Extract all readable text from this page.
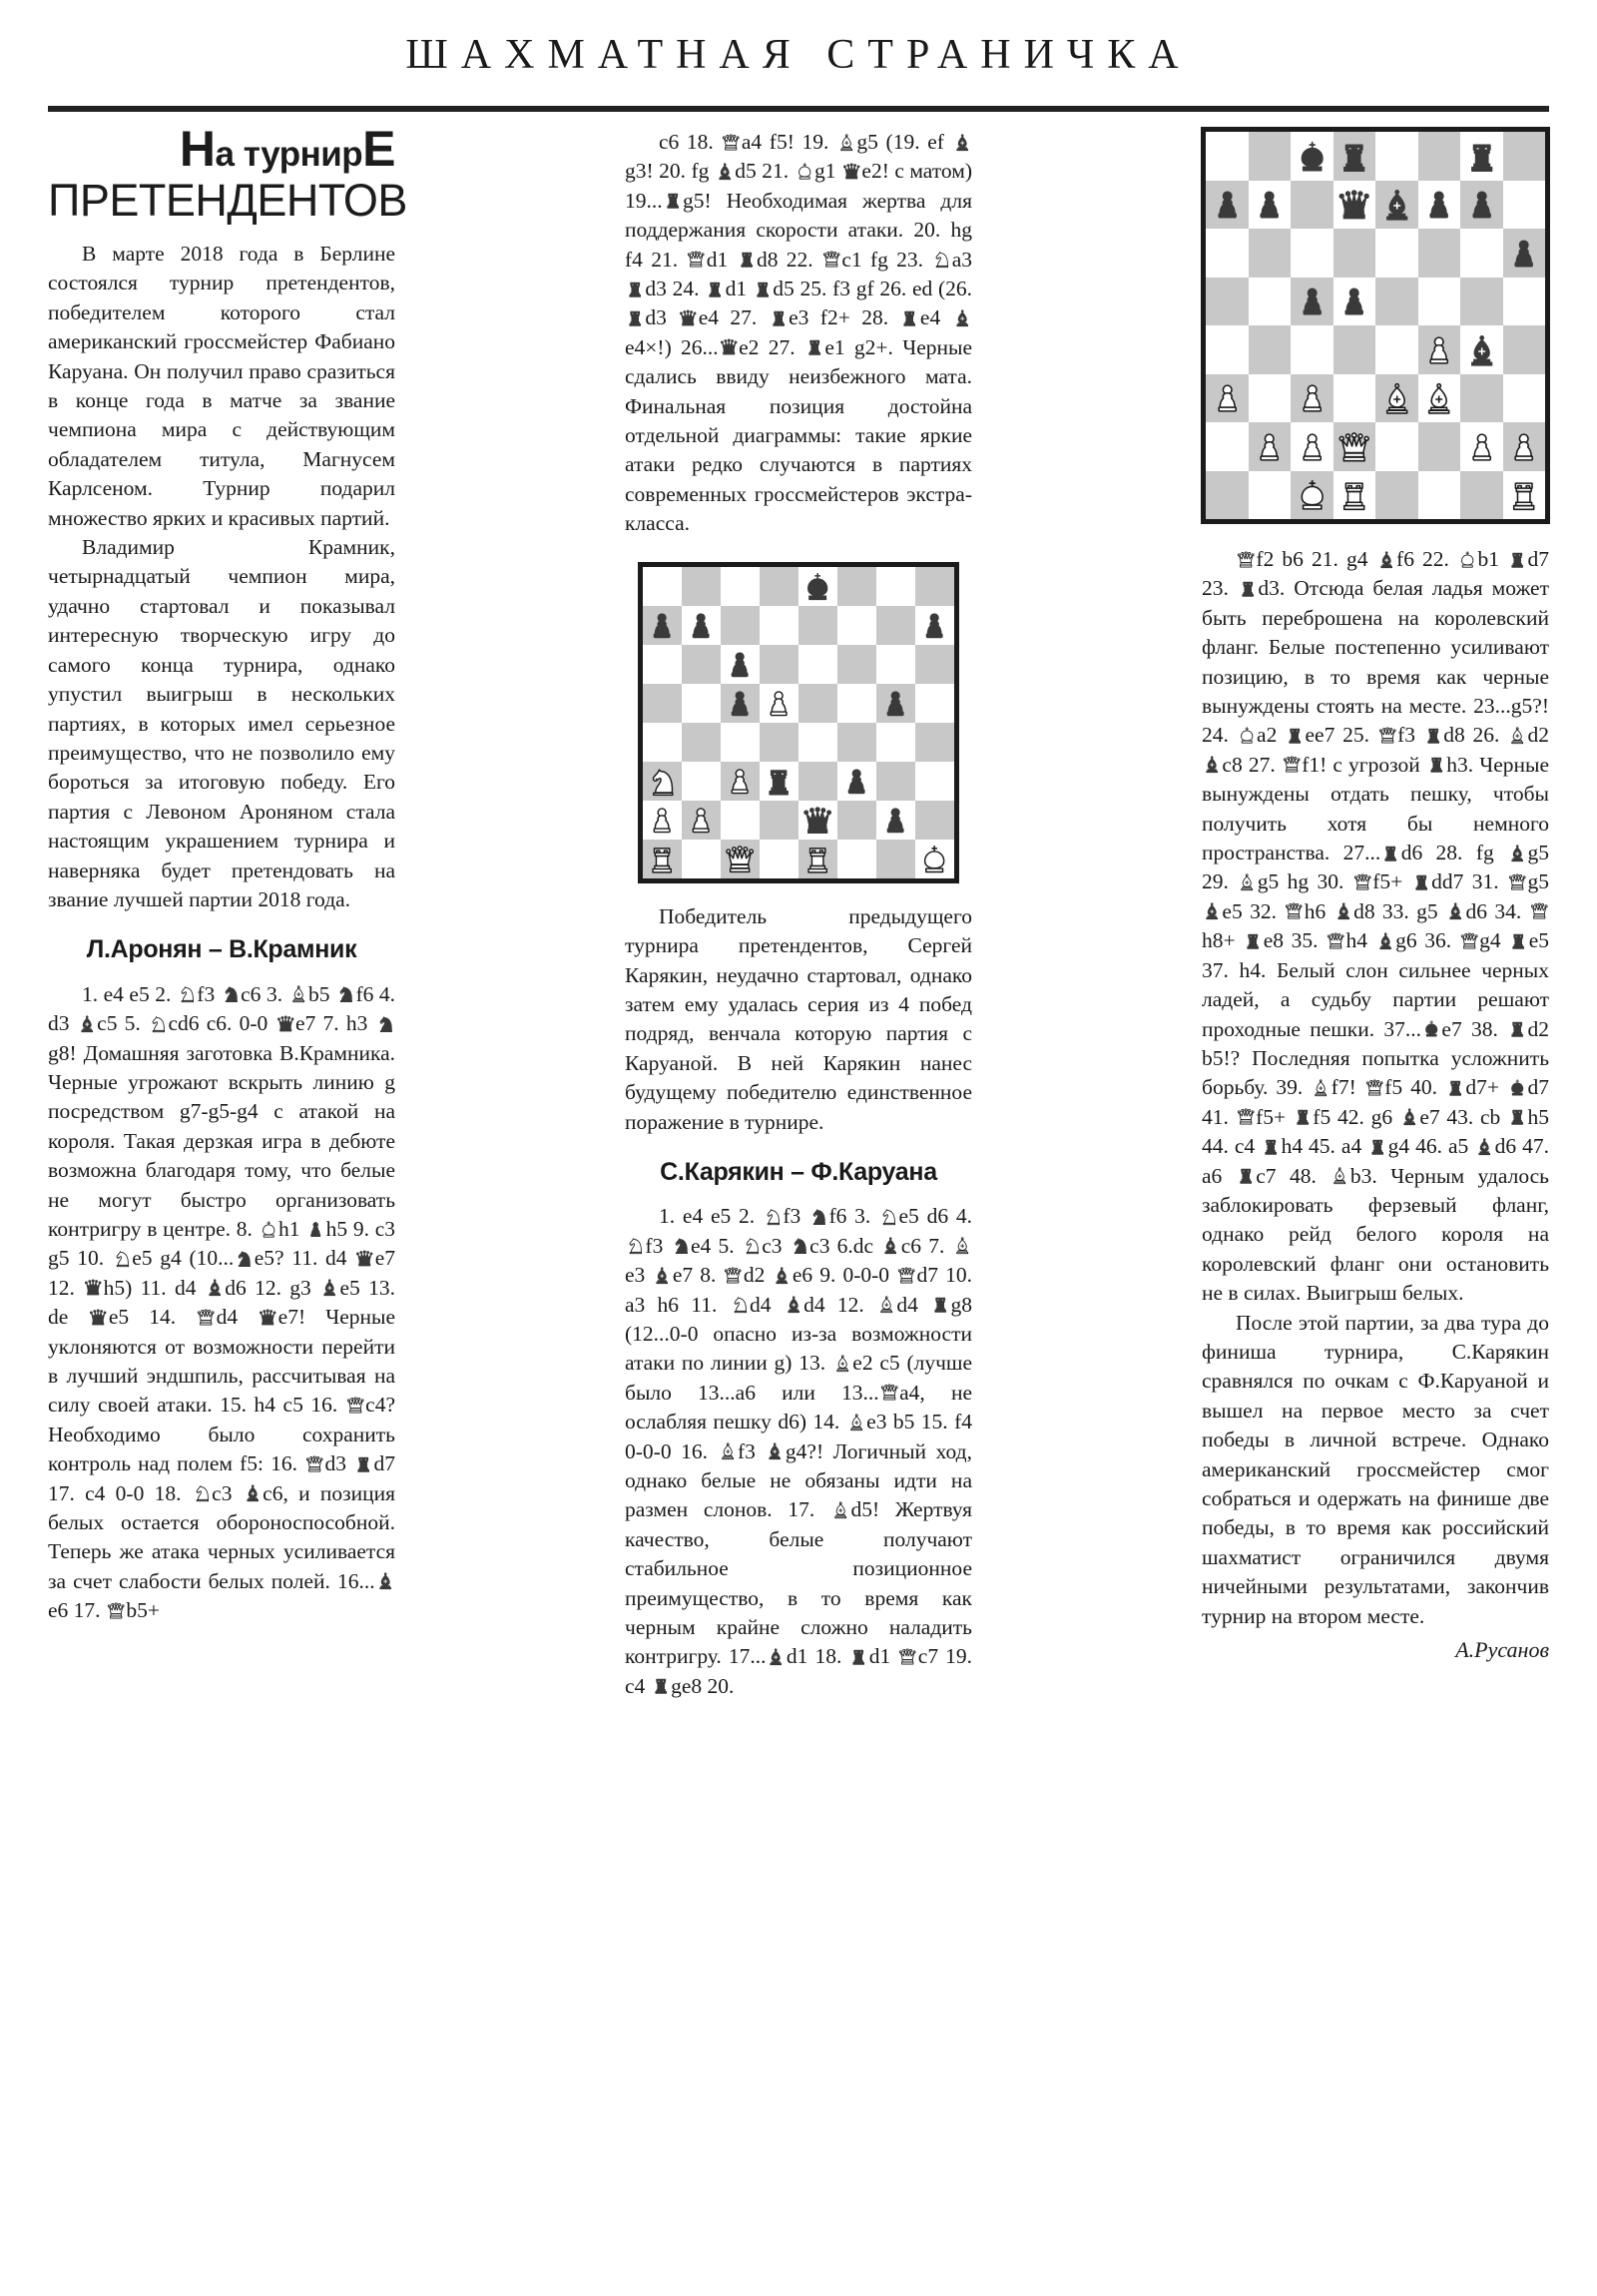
ШАХМАТНАЯ СТРАНИЧКА
На турнирЕ
ПРЕТЕНДЕНТОВ

В марте 2018 года в Берлине состоялся турнир претендентов, победителем которого стал американский гроссмейстер Фабиано Каруана. Он получил право сразиться в конце года в матче за звание чемпиона мира с действующим обладателем титула, Магнусем Карлсеном. Турнир подарил множество ярких и красивых партий.

Владимир Крамник, четырнадцатый чемпион мира, удачно стартовал и показывал интересную творческую игру до самого конца турнира, однако упустил выигрыш в нескольких партиях, в которых имел серьезное преимущество, что не позволило ему бороться за итоговую победу. Его партия с Левоном Ароняном стала настоящим украшением турнира и наверняка будет претендовать на звание лучшей партии 2018 года.

Л.Аронян – В.Крамник

1. e4 e5 2.
f3
c6 3.
b5
f6 4. d3
c5 5.
cd6 c6. 0-0
e7 7. h3
g8! Домашняя заготовка В.Крамника. Черные угрожают вскрыть линию g посредством g7-g5-g4 с атакой на короля. Такая дерзкая игра в дебюте возможна благодаря тому, что белые не могут быстро организовать контригру в центре. 8.
h1
h5 9. c3 g5 10.
e5 g4 (10... e5? 11. d4
e7 12.
h5) 11. d4
d6 12. g3
e5 13. de
e5 14.
d4
e7! Черные уклоняются от возможности перейти в лучший эндшпиль, рассчитывая на силу своей атаки. 15. h4 c5 16.
c4? Необходимо было сохранить контроль над полем f5: 16.
d3
d7 17. c4 0-0 18.
c3
c6, и позиция белых остается обороноспособной. Теперь же атака черных усиливается за счет слабости белых полей. 16...
e6 17.
b5+

c6 18.
a4 f5! 19.
g5 (19. ef
g3! 20. fg
d5 21.
g1
e2! с матом) 19... g5! Необходимая жертва для поддержания скорости атаки. 20. hg f4 21.
d1
d8 22.
c1 fg 23.
a3
d3 24.
d1
d5 25. f3 gf 26. ed (26.
d3
e4 27.
e3 f2+ 28.
e4
e4×!) 26... e2 27.
e1 g2+. Черные сдались ввиду неизбежного мата. Финальная позиция достойна отдельной диаграммы: такие яркие атаки редко случаются в партиях современных гроссмейстеров экстра-класса.

Победитель предыдущего турнира претендентов, Сергей Карякин, неудачно стартовал, однако затем ему удалась серия из 4 побед подряд, венчала которую партия с Каруаной. В ней Карякин нанес будущему победителю единственное поражение в турнире.

С.Карякин – Ф.Каруана

1. e4 e5 2.
f3
f6 3.
e5 d6 4.
f3
e4 5.
c3
c3 6.dc
c6 7.
e3
e7 8.
d2
e6 9. 0-0-0
d7 10. a3 h6 11.
d4
d4 12.
d4
g8 (12...0-0 опасно из-за возможности атаки по линии g) 13.
e2 c5 (лучше было 13...a6 или 13... a4, не ослабляя пешку d6) 14.
e3 b5 15. f4 0-0-0 16.
f3
g4?! Логичный ход, однако белые не обязаны идти на размен слонов. 17.
d5! Жертвуя качество, белые получают стабильное позиционное преимущество, в то время как черным крайне сложно наладить контригру. 17... d1 18.
d1
c7 19. c4
ge8 20.

f2 b6 21. g4
f6 22.
b1
d7 23.
d3. Отсюда белая ладья может быть переброшена на королевский фланг. Белые постепенно усиливают позицию, в то время как черные вынуждены стоять на месте. 23...g5?! 24.
a2
ee7 25.
f3
d8 26.
d2
c8 27.
f1! с угрозой
h3. Черные вынуждены отдать пешку, чтобы получить хотя бы немного пространства. 27... d6 28. fg
g5 29.
g5 hg 30.
f5+
dd7 31.
g5
e5 32.
h6
d8 33. g5
d6 34.
h8+
e8 35.
h4
g6 36.
g4
e5 37. h4. Белый слон сильнее черных ладей, а судьбу партии решают проходные пешки. 37... e7 38.
d2 b5!? Последняя попытка усложнить борьбу. 39.
f7!
f5 40.
d7+
d7 41.
f5+
f5 42. g6
e7 43. cb
h5 44. c4
h4 45. a4
g4 46. a5
d6 47. a6
c7 48.
b3. Черным удалось заблокировать ферзевый фланг, однако рейд белого короля на королевский фланг они остановить не в силах. Выигрыш белых.

После этой партии, за два тура до финиша турнира, С.Карякин сравнялся по очкам с Ф.Каруаной и вышел на первое место за счет победы в личной встрече. Однако американский гроссмейстер смог собраться и одержать на финише две победы, в то время как российский шахматист ограничился двумя ничейными результатами, закончив турнир на втором месте.

А.Русанов
